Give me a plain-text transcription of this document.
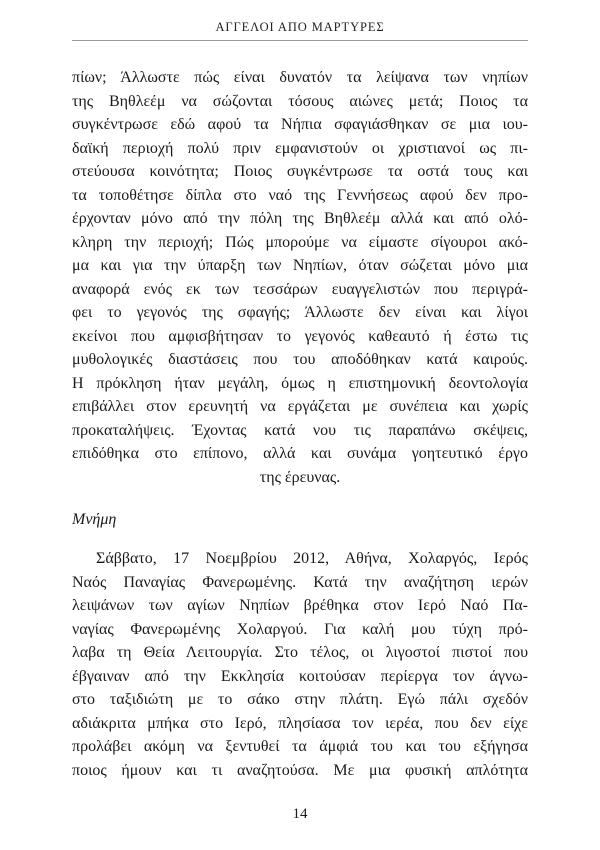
ΑΓΓΕΛΟΙ ΑΠΟ ΜΑΡΤΥΡΕΣ
πίων; Άλλωστε πώς είναι δυνατόν τα λείψανα των νηπίων
της Βηθλεέμ να σώζονται τόσους αιώνες μετά; Ποιος τα
συγκέντρωσε εδώ αφού τα Νήπια σφαγιάσθηκαν σε μια ιου-
δαϊκή περιοχή πολύ πριν εμφανιστούν οι χριστιανοί ως πι-
στεύουσα κοινότητα; Ποιος συγκέντρωσε τα οστά τους και
τα τοποθέτησε δίπλα στο ναό της Γεννήσεως αφού δεν προ-
έρχονταν μόνο από την πόλη της Βηθλεέμ αλλά και από ολό-
κληρη την περιοχή; Πώς μπορούμε να είμαστε σίγουροι ακό-
μα και για την ύπαρξη των Νηπίων, όταν σώζεται μόνο μια
αναφορά ενός εκ των τεσσάρων ευαγγελιστών που περιγρά-
φει το γεγονός της σφαγής; Άλλωστε δεν είναι και λίγοι
εκείνοι που αμφισβήτησαν το γεγονός καθεαυτό ή έστω τις
μυθολογικές διαστάσεις που του αποδόθηκαν κατά καιρούς.
Η πρόκληση ήταν μεγάλη, όμως η επιστημονική δεοντολογία
επιβάλλει στον ερευνητή να εργάζεται με συνέπεια και χωρίς
προκαταλήψεις. Έχοντας κατά νου τις παραπάνω σκέψεις,
επιδόθηκα στο επίπονο, αλλά και συνάμα γοητευτικό έργο
της έρευνας.
Μνήμη
Σάββατο, 17 Νοεμβρίου 2012, Αθήνα, Χολαργός, Ιερός
Ναός Παναγίας Φανερωμένης. Κατά την αναζήτηση ιερών
λειψάνων των αγίων Νηπίων βρέθηκα στον Ιερό Ναό Πα-
ναγίας Φανερωμένης Χολαργού. Για καλή μου τύχη πρό-
λαβα τη Θεία Λειτουργία. Στο τέλος, οι λιγοστοί πιστοί που
έβγαιναν από την Εκκλησία κοιτούσαν περίεργα τον άγνω-
στο ταξιδιώτη με το σάκο στην πλάτη. Εγώ πάλι σχεδόν
αδιάκριτα μπήκα στο Ιερό, πλησίασα τον ιερέα, που δεν είχε
προλάβει ακόμη να ξεντυθεί τα άμφιά του και του εξήγησα
ποιος ήμουν και τι αναζητούσα. Με μια φυσική απλότητα
14
